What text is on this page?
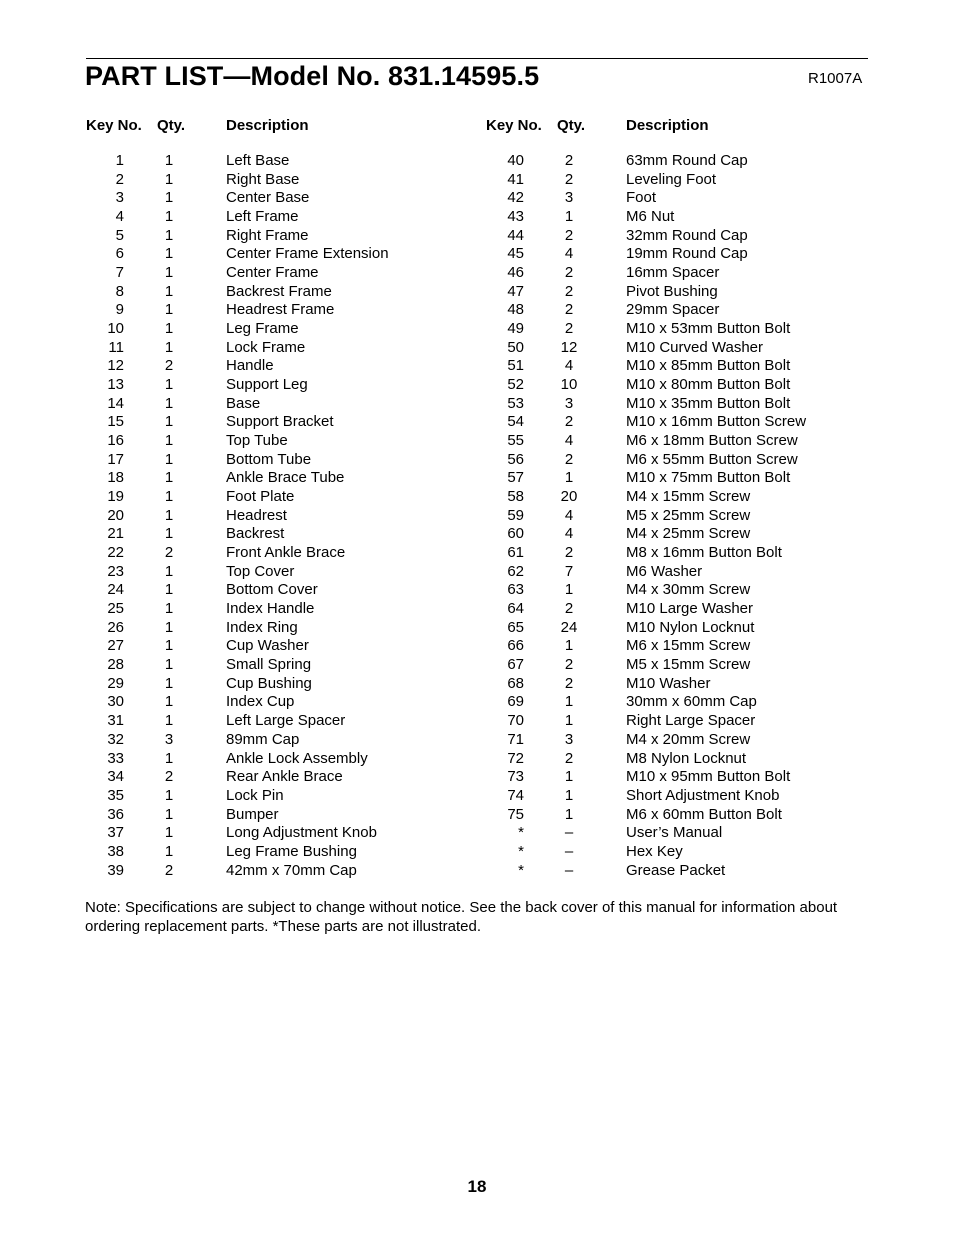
PART LIST—Model No. 831.14595.5	R1007A
Key No. Qty.	Description	Key No. Qty.	Description
1	1	Left Base
2	1	Right Base
3	1	Center Base
4	1	Left Frame
5	1	Right Frame
6	1	Center Frame Extension
7	1	Center Frame
8	1	Backrest Frame
9	1	Headrest Frame
10	1	Leg Frame
11	1	Lock Frame
12	2	Handle
13	1	Support Leg
14	1	Base
15	1	Support Bracket
16	1	Top Tube
17	1	Bottom Tube
18	1	Ankle Brace Tube
19	1	Foot Plate
20	1	Headrest
21	1	Backrest
22	2	Front Ankle Brace
23	1	Top Cover
24	1	Bottom Cover
25	1	Index Handle
26	1	Index Ring
27	1	Cup Washer
28	1	Small Spring
29	1	Cup Bushing
30	1	Index Cup
31	1	Left Large Spacer
32	3	89mm Cap
33	1	Ankle Lock Assembly
34	2	Rear Ankle Brace
35	1	Lock Pin
36	1	Bumper
37	1	Long Adjustment Knob
38	1	Leg Frame Bushing
39	2	42mm x 70mm Cap
40	2	63mm Round Cap
41	2	Leveling Foot
42	3	Foot
43	1	M6 Nut
44	2	32mm Round Cap
45	4	19mm Round Cap
46	2	16mm Spacer
47	2	Pivot Bushing
48	2	29mm Spacer
49	2	M10 x 53mm Button Bolt
50	12	M10 Curved Washer
51	4	M10 x 85mm Button Bolt
52	10	M10 x 80mm Button Bolt
53	3	M10 x 35mm Button Bolt
54	2	M10 x 16mm Button Screw
55	4	M6 x 18mm Button Screw
56	2	M6 x 55mm Button Screw
57	1	M10 x 75mm Button Bolt
58	20	M4 x 15mm Screw
59	4	M5 x 25mm Screw
60	4	M4 x 25mm Screw
61	2	M8 x 16mm Button Bolt
62	7	M6 Washer
63	1	M4 x 30mm Screw
64	2	M10 Large Washer
65	24	M10 Nylon Locknut
66	1	M6 x 15mm Screw
67	2	M5 x 15mm Screw
68	2	M10 Washer
69	1	30mm x 60mm Cap
70	1	Right Large Spacer
71	3	M4 x 20mm Screw
72	2	M8 Nylon Locknut
73	1	M10 x 95mm Button Bolt
74	1	Short Adjustment Knob
75	1	M6 x 60mm Button Bolt
*	–	User’s Manual
*	–	Hex Key
*	–	Grease Packet
Note: Specifications are subject to change without notice. See the back cover of this manual for information about ordering replacement parts. *These parts are not illustrated.
18
